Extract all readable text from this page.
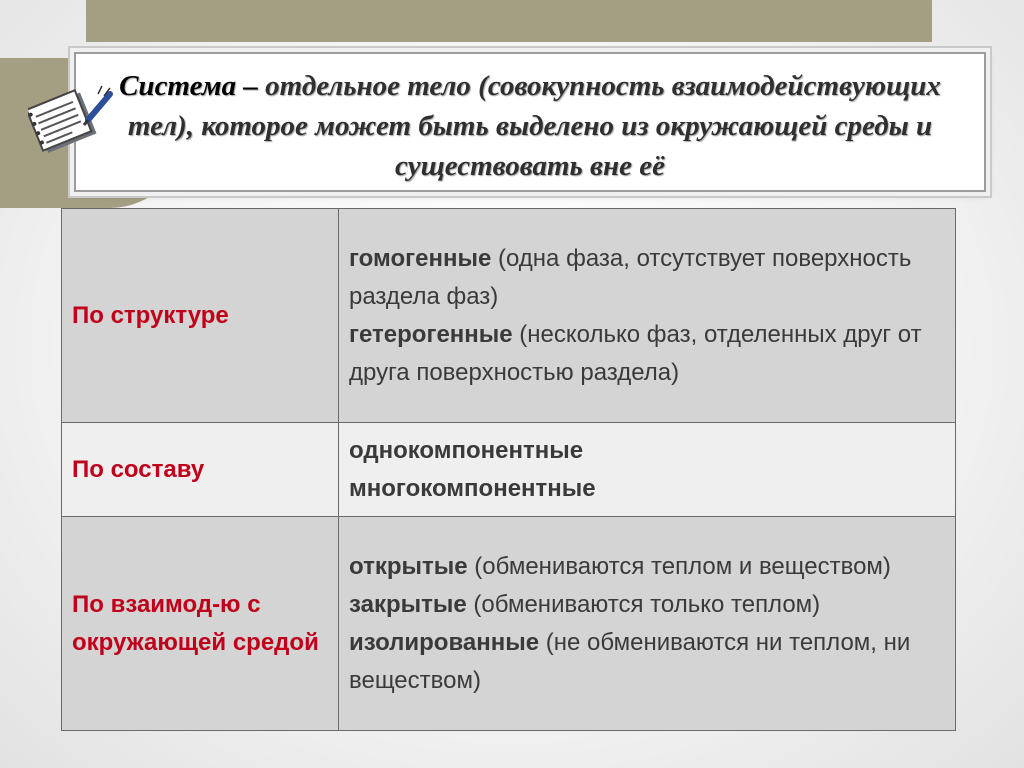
Система – отдельное тело (совокупность взаимодействующих тел), которое может быть выделено из окружающей среды и существовать вне её
По структуре	гомогенные (одна фаза, отсутствует поверхность раздела фаз)
гетерогенные (несколько фаз, отделенных друг от друга поверхностью раздела)

По составу	однокомпонентные
многокомпонентные

По взаимод-ю с окружающей средой	открытые (обмениваются теплом и веществом)
закрытые (обмениваются только теплом)
изолированные (не обмениваются ни теплом, ни веществом)
